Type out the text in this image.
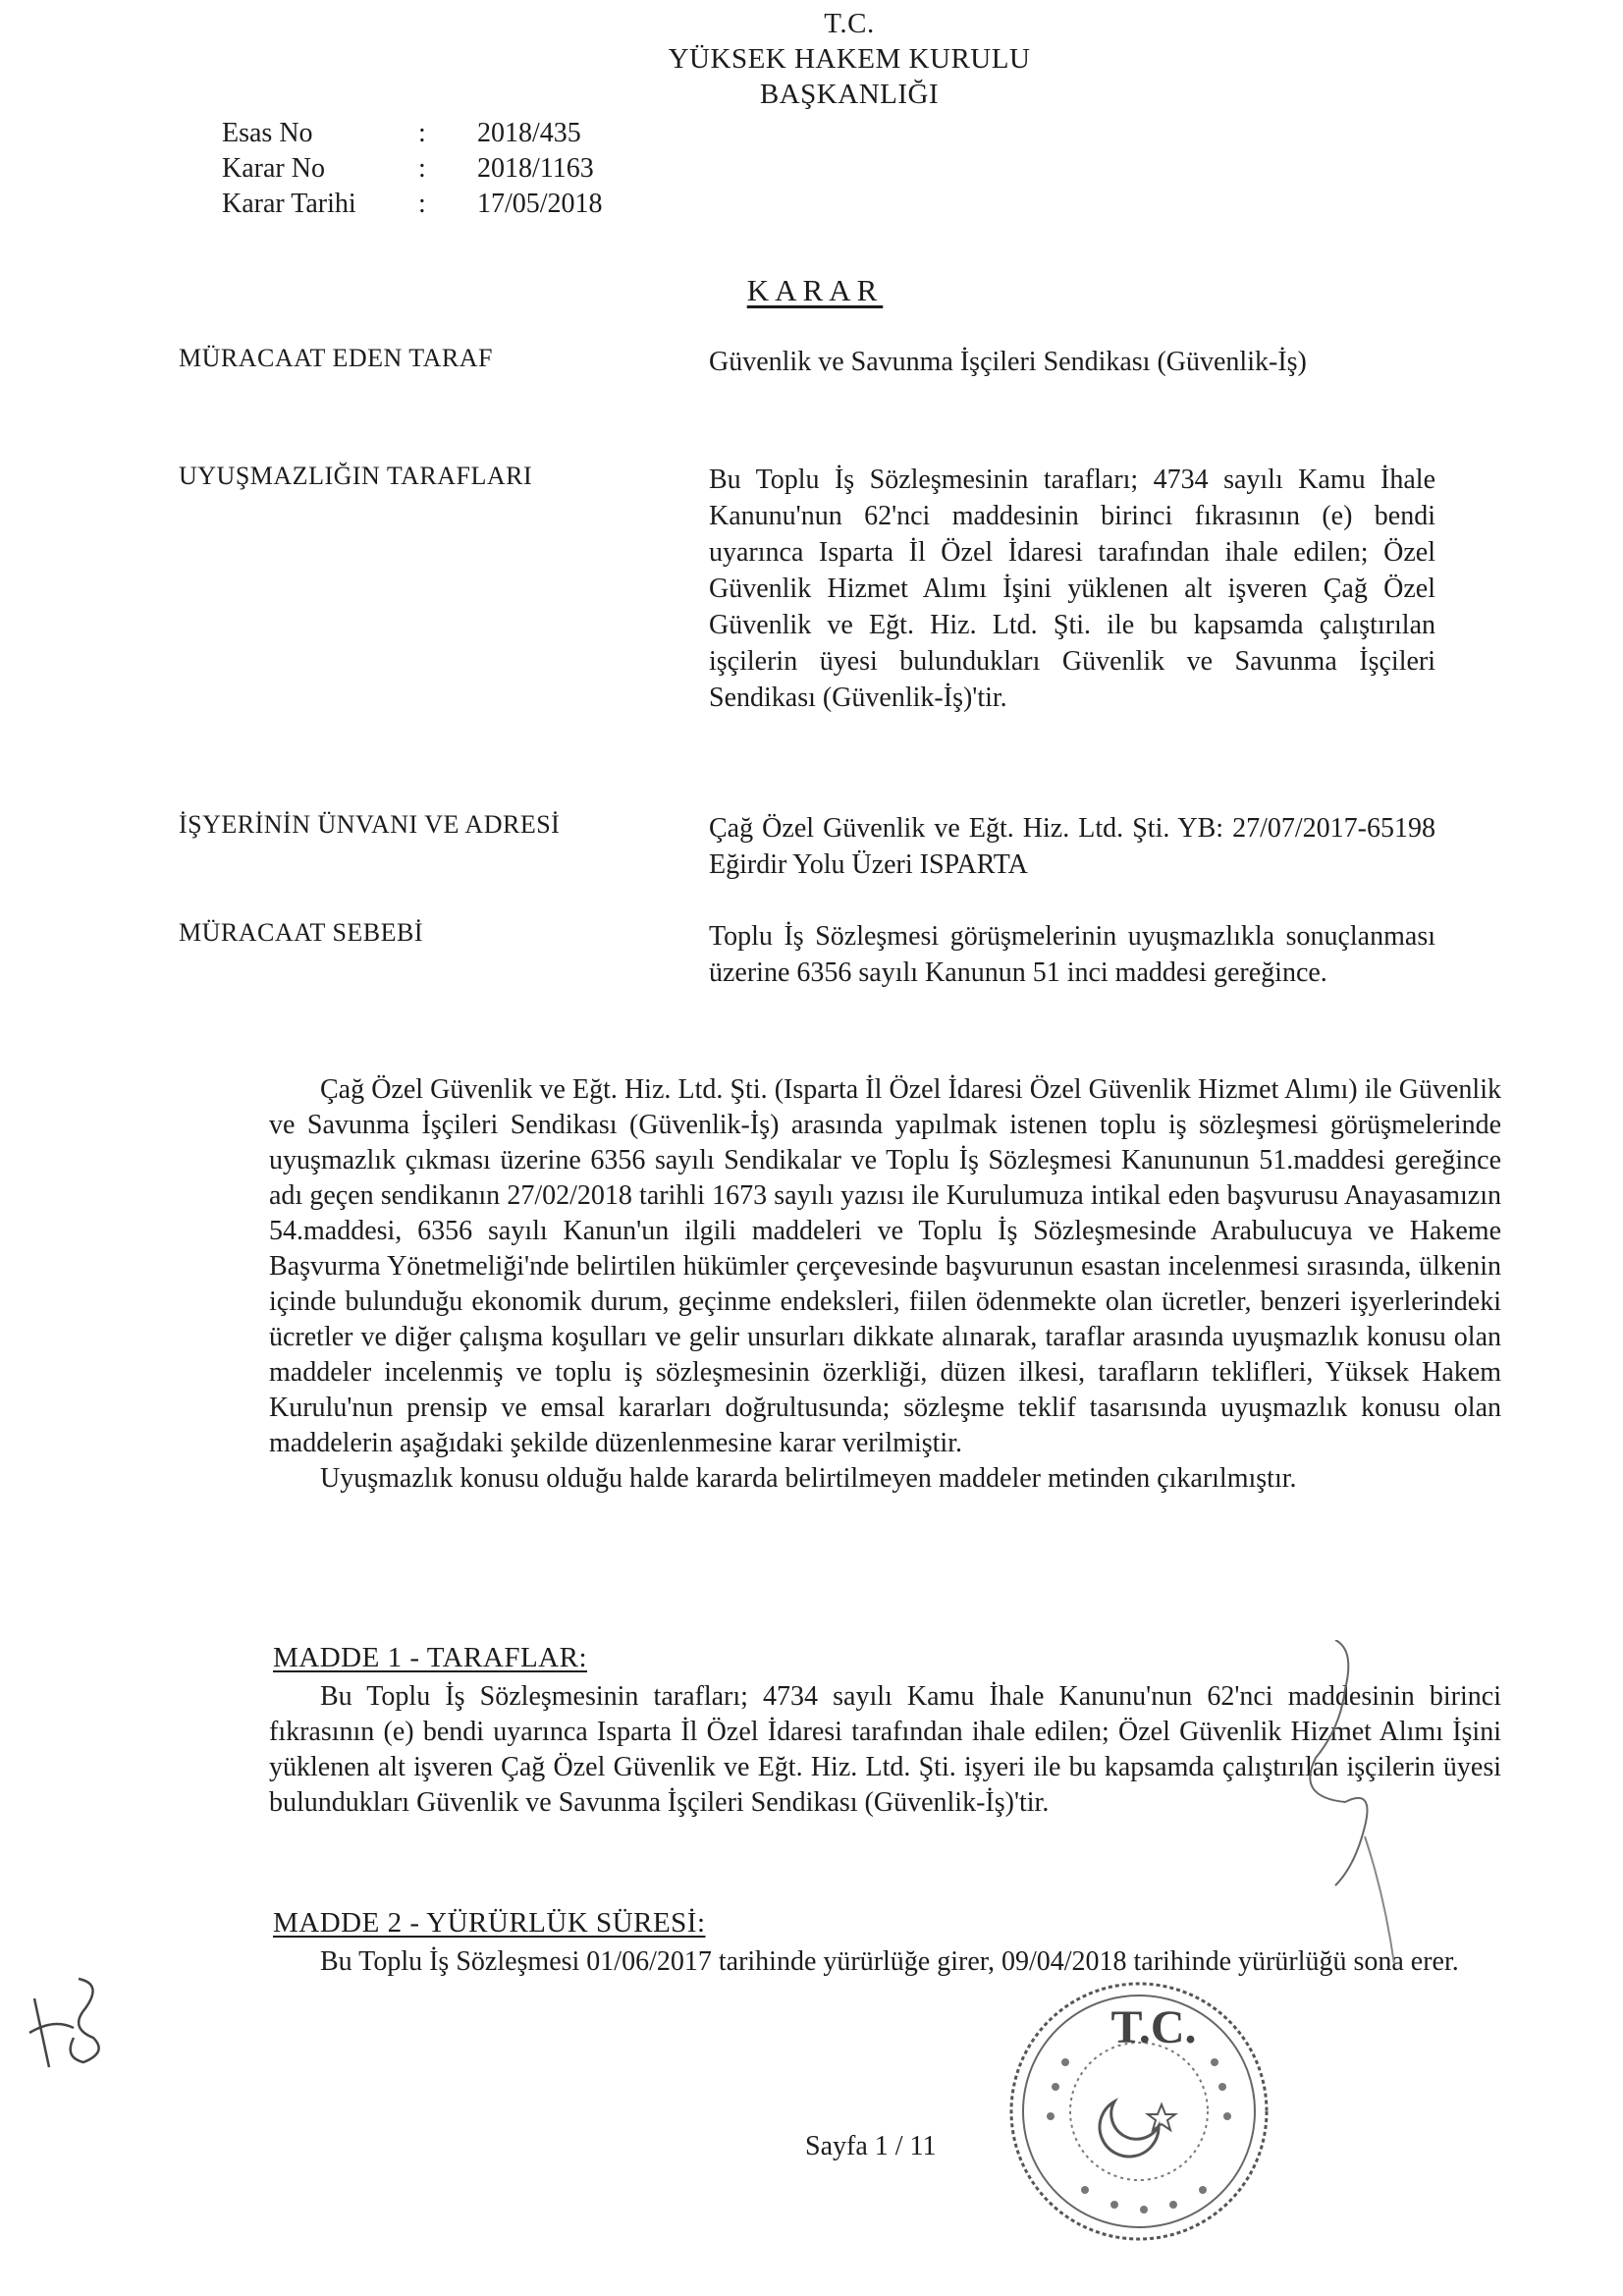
T.C.
YÜKSEK HAKEM KURULU
BAŞKANLIĞI
Esas No	:	2018/435
Karar No	:	2018/1163
Karar Tarihi	:	17/05/2018
KARAR
MÜRACAAT EDEN TARAF	Güvenlik ve Savunma İşçileri Sendikası (Güvenlik-İş)
UYUŞMAZLIĞIN TARAFLARI	Bu Toplu İş Sözleşmesinin tarafları; 4734 sayılı Kamu İhale Kanunu'nun 62'nci maddesinin birinci fıkrasının (e) bendi uyarınca Isparta İl Özel İdaresi tarafından ihale edilen; Özel Güvenlik Hizmet Alımı İşini yüklenen alt işveren Çağ Özel Güvenlik ve Eğt. Hiz. Ltd. Şti. ile bu kapsamda çalıştırılan işçilerin üyesi bulundukları Güvenlik ve Savunma İşçileri Sendikası (Güvenlik-İş)'tir.
İŞYERİNİN ÜNVANI VE ADRESİ	Çağ Özel Güvenlik ve Eğt. Hiz. Ltd. Şti. YB: 27/07/2017-65198 Eğirdir Yolu Üzeri ISPARTA
MÜRACAAT SEBEBİ	Toplu İş Sözleşmesi görüşmelerinin uyuşmazlıkla sonuçlanması üzerine 6356 sayılı Kanunun 51 inci maddesi gereğince.

Çağ Özel Güvenlik ve Eğt. Hiz. Ltd. Şti. (Isparta İl Özel İdaresi Özel Güvenlik Hizmet Alımı) ile Güvenlik ve Savunma İşçileri Sendikası (Güvenlik-İş) arasında yapılmak istenen toplu iş sözleşmesi görüşmelerinde uyuşmazlık çıkması üzerine 6356 sayılı Sendikalar ve Toplu İş Sözleşmesi Kanununun 51.maddesi gereğince adı geçen sendikanın 27/02/2018 tarihli 1673 sayılı yazısı ile Kurulumuza intikal eden başvurusu Anayasamızın 54.maddesi, 6356 sayılı Kanun'un ilgili maddeleri ve Toplu İş Sözleşmesinde Arabulucuya ve Hakeme Başvurma Yönetmeliği'nde belirtilen hükümler çerçevesinde başvurunun esastan incelenmesi sırasında, ülkenin içinde bulunduğu ekonomik durum, geçinme endeksleri, fiilen ödenmekte olan ücretler, benzeri işyerlerindeki ücretler ve diğer çalışma koşulları ve gelir unsurları dikkate alınarak, taraflar arasında uyuşmazlık konusu olan maddeler incelenmiş ve toplu iş sözleşmesinin özerkliği, düzen ilkesi, tarafların teklifleri, Yüksek Hakem Kurulu'nun prensip ve emsal kararları doğrultusunda; sözleşme teklif tasarısında uyuşmazlık konusu olan maddelerin aşağıdaki şekilde düzenlenmesine karar verilmiştir.

Uyuşmazlık konusu olduğu halde kararda belirtilmeyen maddeler metinden çıkarılmıştır.

MADDE 1 - TARAFLAR:

Bu Toplu İş Sözleşmesinin tarafları; 4734 sayılı Kamu İhale Kanunu'nun 62'nci maddesinin birinci fıkrasının (e) bendi uyarınca Isparta İl Özel İdaresi tarafından ihale edilen; Özel Güvenlik Hizmet Alımı İşini yüklenen alt işveren Çağ Özel Güvenlik ve Eğt. Hiz. Ltd. Şti. işyeri ile bu kapsamda çalıştırılan işçilerin üyesi bulundukları Güvenlik ve Savunma İşçileri Sendikası (Güvenlik-İş)'tir.

MADDE 2 - YÜRÜRLÜK SÜRESİ:

Bu Toplu İş Sözleşmesi 01/06/2017 tarihinde yürürlüğe girer, 09/04/2018 tarihinde yürürlüğü sona erer.

Sayfa 1 / 11
T.C.
